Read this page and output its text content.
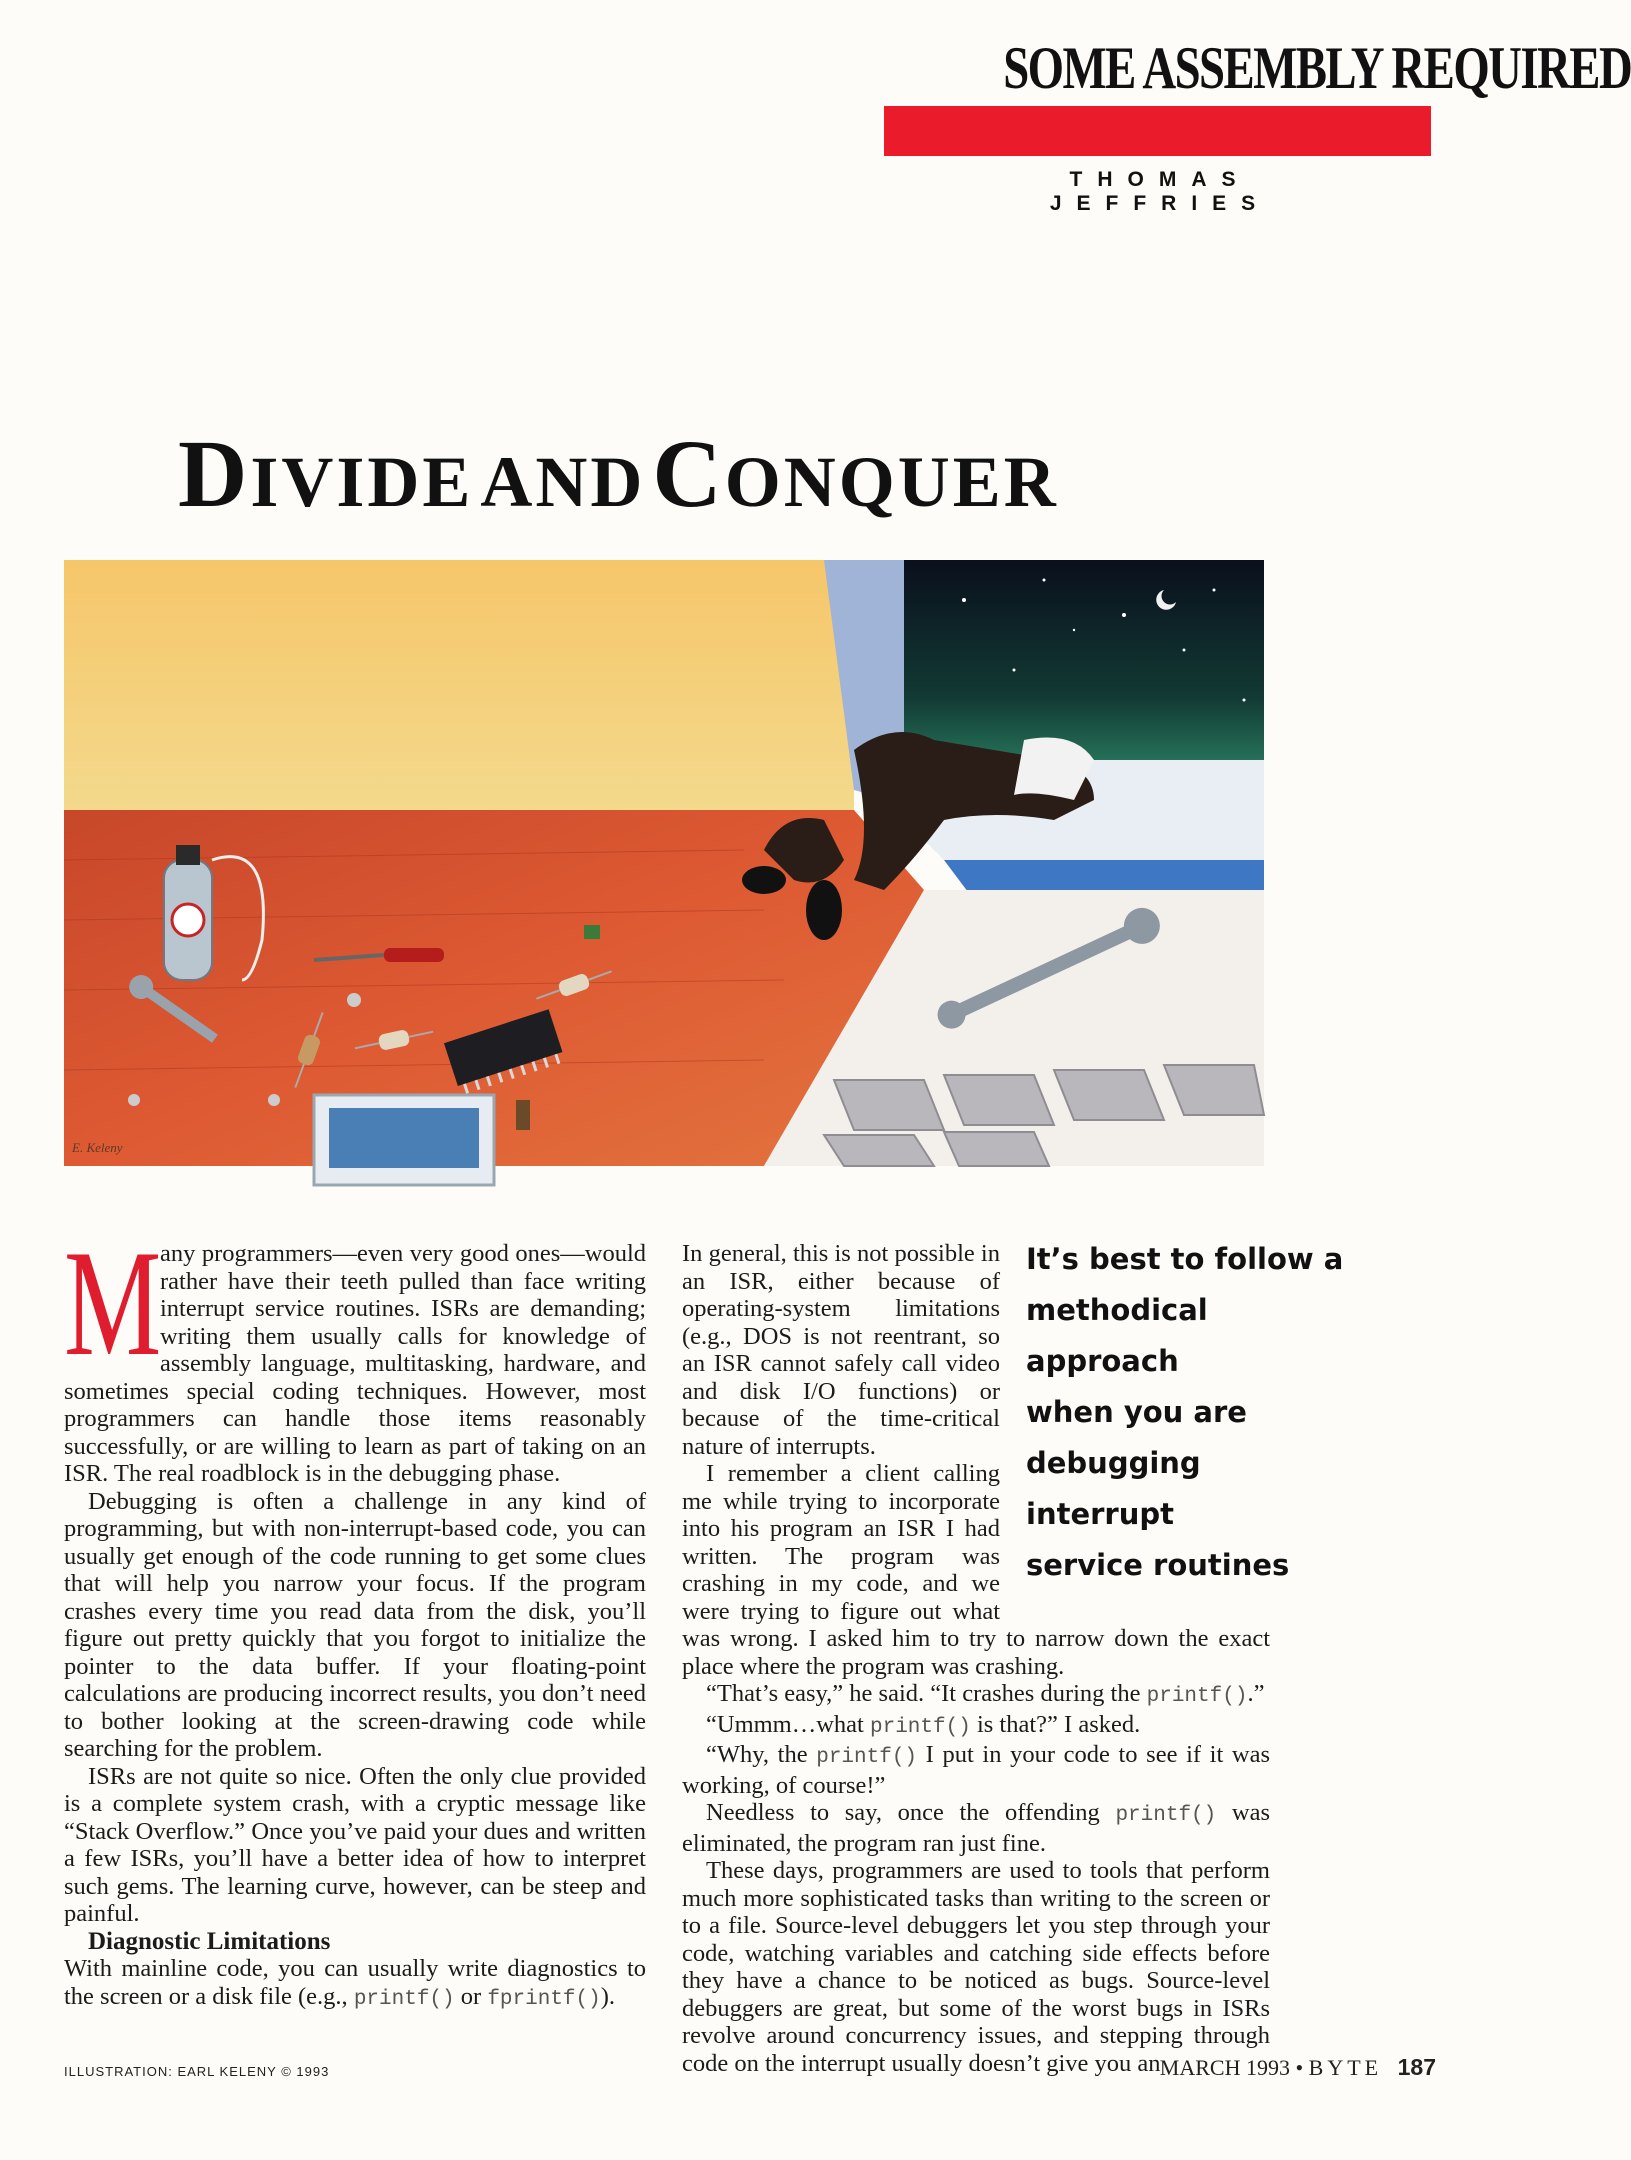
SOME ASSEMBLY REQUIRED
THOMAS JEFFRIES
DIVIDE AND CONQUER
E. Keleny

M
any programmers—even very good ones—would rather have their teeth pulled than face writing interrupt service routines. ISRs are demanding; writing them usually calls for knowledge of assembly language, multitasking, hardware, and sometimes special coding techniques. However, most programmers can handle those items reasonably successfully, or are willing to learn as part of taking on an ISR. The real roadblock is in the debugging phase.

Debugging is often a challenge in any kind of programming, but with non-interrupt-based code, you can usually get enough of the code running to get some clues that will help you narrow your focus. If the program crashes every time you read data from the disk, you’ll figure out pretty quickly that you forgot to initialize the pointer to the data buffer. If your floating-point calculations are producing incorrect results, you don’t need to bother looking at the screen-drawing code while searching for the problem.

ISRs are not quite so nice. Often the only clue provided is a complete system crash, with a cryptic message like “Stack Overflow.” Once you’ve paid your dues and written a few ISRs, you’ll have a better idea of how to interpret such gems. The learning curve, however, can be steep and painful.

Diagnostic Limitations

With mainline code, you can usually write diagnostics to the screen or a disk file (e.g., printf() or fprintf()).

It’s best to follow a
methodical approach
when you are
debugging interrupt
service routines

In general, this is not possible in an ISR, either because of operating-system limitations (e.g., DOS is not reentrant, so an ISR cannot safely call video and disk I/O functions) or because of the time-critical nature of interrupts.

I remember a client calling me while trying to incorporate into his program an ISR I had written. The program was crashing in my code, and we were trying to figure out what was wrong. I asked him to try to narrow down the exact place where the program was crashing.

“That’s easy,” he said. “It crashes during the printf().”

“Ummm…what printf() is that?” I asked.

“Why, the printf() I put in your code to see if it was working, of course!”

Needless to say, once the offending printf() was eliminated, the program ran just fine.

These days, programmers are used to tools that perform much more sophisticated tasks than writing to the screen or to a file. Source-level debuggers let you step through your code, watching variables and catching side effects before they have a chance to be noticed as bugs. Source-level debuggers are great, but some of the worst bugs in ISRs revolve around concurrency issues, and stepping through code on the interrupt usually doesn’t give you an

ILLUSTRATION: EARL KELENY © 1993	MARCH 1993 • BYTE 187
